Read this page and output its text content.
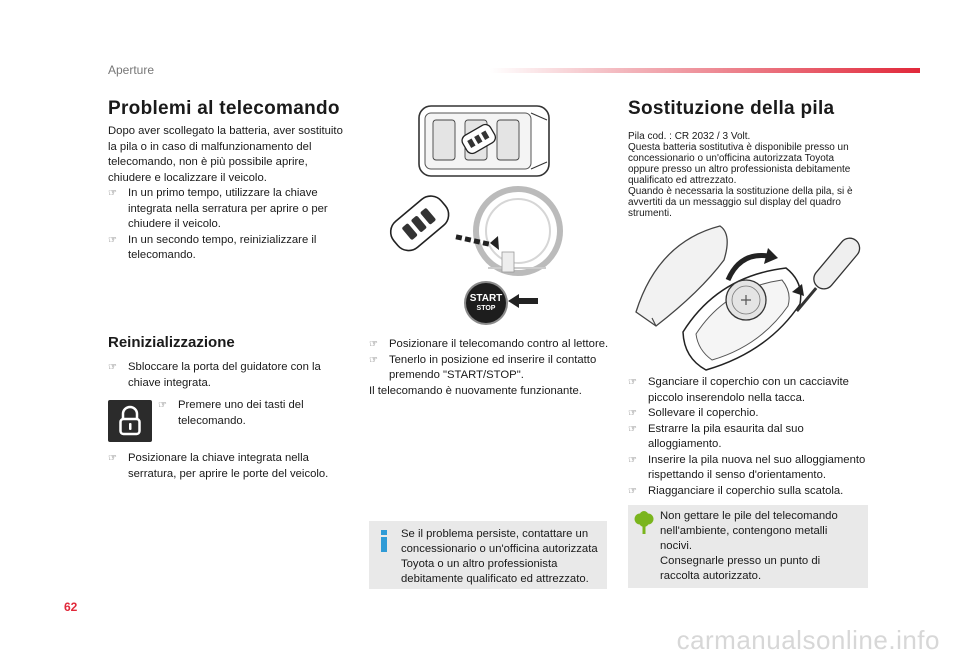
Aperture
Problemi al telecomando
Dopo aver scollegato la batteria, aver sostituito la pila o in caso di malfunzionamento del telecomando, non è più possibile aprire, chiudere e localizzare il veicolo.
☞ In un primo tempo, utilizzare la chiave integrata nella serratura per aprire o per chiudere il veicolo.
☞ In un secondo tempo, reinizializzare il telecomando.
Reinizializzazione
☞ Sbloccare la porta del guidatore con la chiave integrata.
☞ Premere uno dei tasti del telecomando.
☞ Posizionare la chiave integrata nella serratura, per aprire le porte del veicolo.
START
STOP
☞ Posizionare il telecomando contro al lettore.
☞ Tenerlo in posizione ed inserire il contatto premendo "START/STOP".
Il telecomando è nuovamente funzionante.
Se il problema persiste, contattare un concessionario o un'officina autorizzata Toyota o un altro professionista debitamente qualificato ed attrezzato.
Sostituzione della pila
Pila cod. : CR 2032 / 3 Volt.
Questa batteria sostitutiva è disponibile presso un concessionario o un'officina autorizzata Toyota oppure presso un altro professionista debitamente qualificato ed attrezzato.
Quando è necessaria la sostituzione della pila, si è avvertiti da un messaggio sul display del quadro strumenti.
☞ Sganciare il coperchio con un cacciavite piccolo inserendolo nella tacca.
☞ Sollevare il coperchio.
☞ Estrarre la pila esaurita dal suo alloggiamento.
☞ Inserire la pila nuova nel suo alloggiamento rispettando il senso d'orientamento.
☞ Riagganciare il coperchio sulla scatola.
Non gettare le pile del telecomando nell'ambiente, contengono metalli nocivi.
Consegnarle presso un punto di raccolta autorizzato.
62
carmanualsonline.info
